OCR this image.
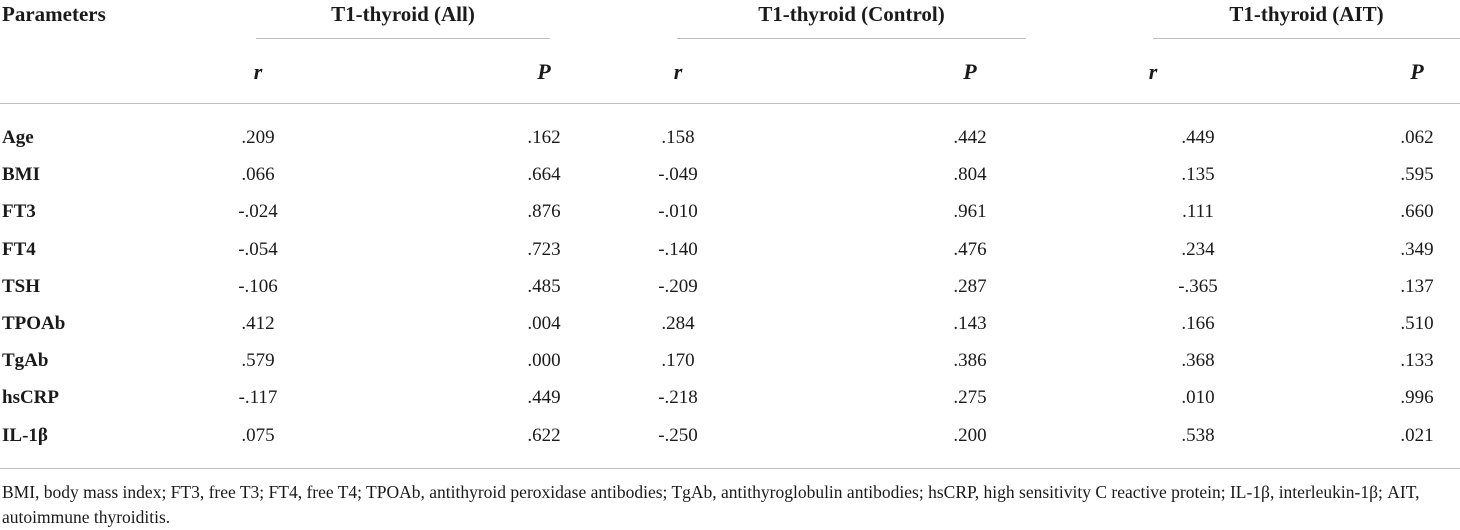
Parameters	T1-thyroid (All)	T1-thyroid (Control)	T1-thyroid (AIT)
r	P	r	P	r	P
Age	.209	.162	.158	.442	.449	.062
BMI	.066	.664	-.049	.804	.135	.595
FT3	-.024	.876	-.010	.961	.111	.660
FT4	-.054	.723	-.140	.476	.234	.349
TSH	-.106	.485	-.209	.287	-.365	.137
TPOAb	.412	.004	.284	.143	.166	.510
TgAb	.579	.000	.170	.386	.368	.133
hsCRP	-.117	.449	-.218	.275	.010	.996
IL-1β	.075	.622	-.250	.200	.538	.021
BMI, body mass index; FT3, free T3; FT4, free T4; TPOAb, antithyroid peroxidase antibodies; TgAb, antithyroglobulin antibodies; hsCRP, high sensitivity C reactive protein; IL-1β, interleukin-1β; AIT, autoimmune thyroiditis.
